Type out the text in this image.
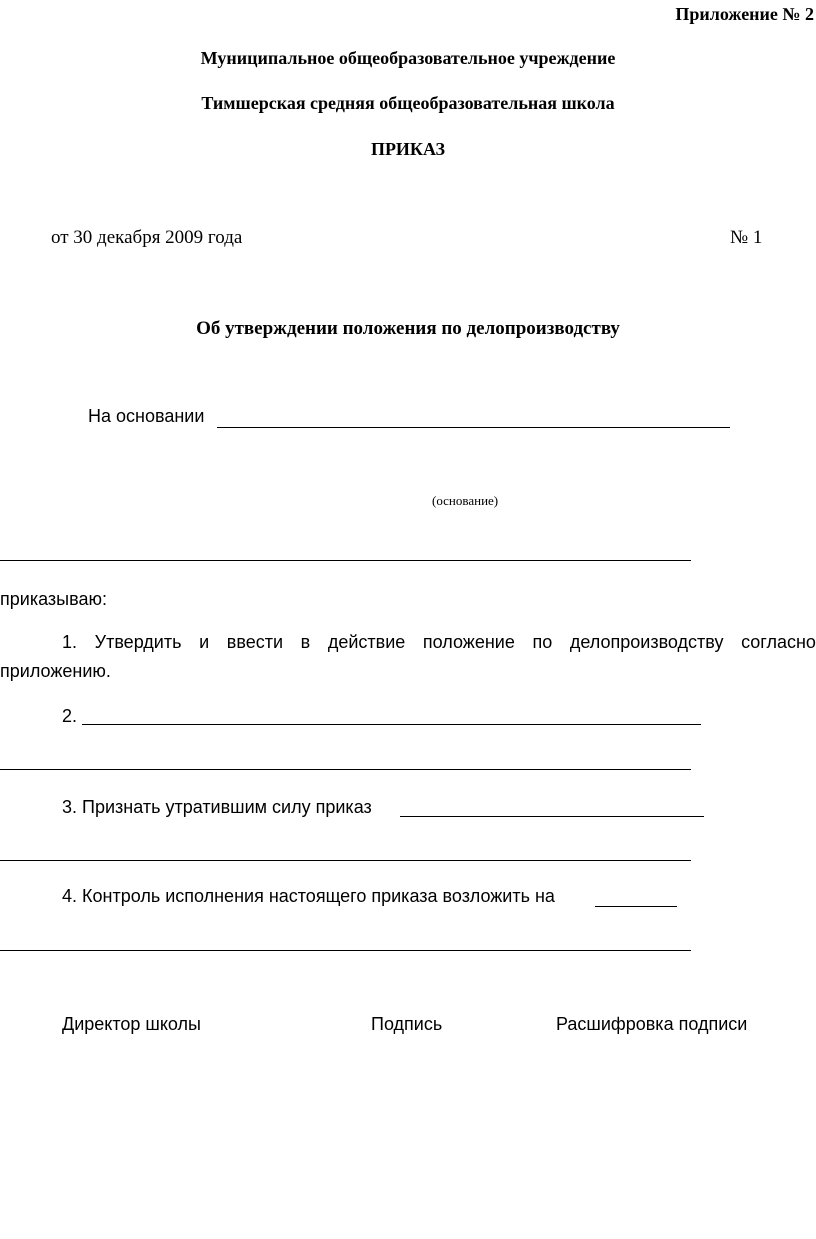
Приложение № 2
Муниципальное общеобразовательное учреждение
Тимшерская средняя общеобразовательная школа
ПРИКАЗ
от 30 декабря 2009 года	№ 1
Об утверждении положения по делопроизводству
На основании
(основание)
приказываю:
1. Утвердить и ввести в действие положение по делопроизводству согласно
приложению.
2.
3. Признать утратившим силу приказ
4. Контроль исполнения настоящего приказа возложить на
Директор школы	Подпись	Расшифровка подписи
